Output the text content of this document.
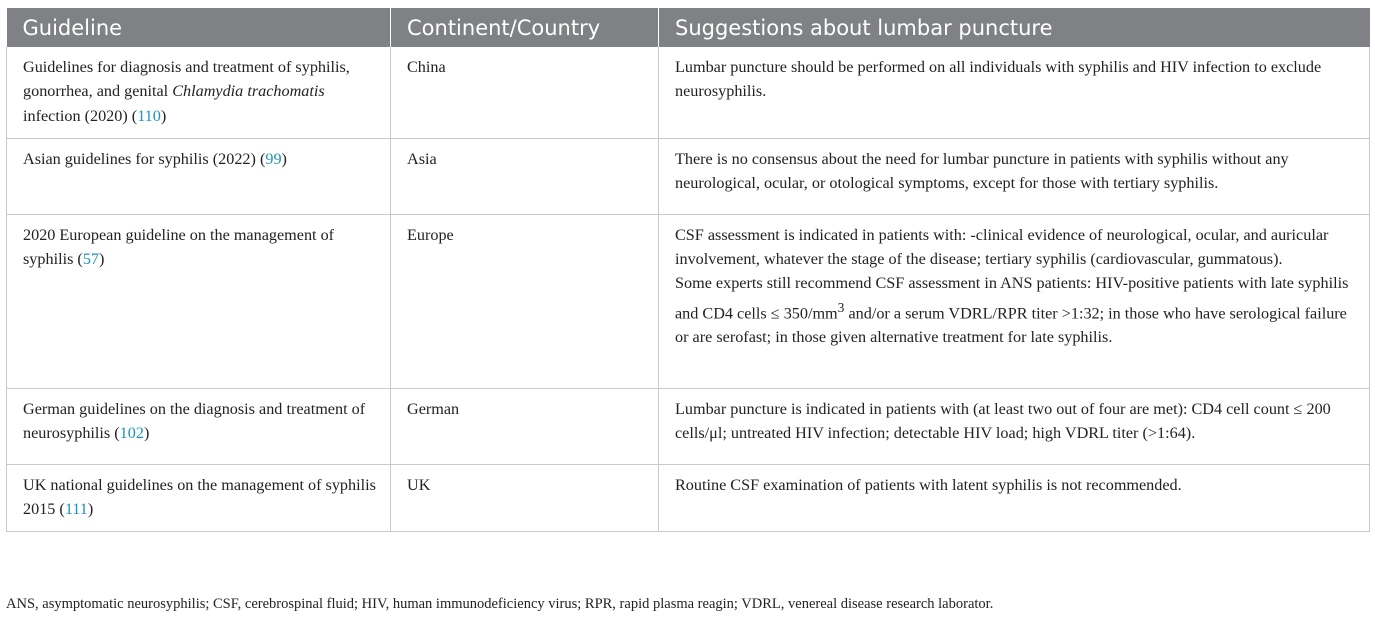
Guideline	Continent/Country	Suggestions about lumbar puncture
Guidelines for diagnosis and treatment of syphilis, gonorrhea, and genital Chlamydia trachomatis infection (2020) (110)	China	Lumbar puncture should be performed on all individuals with syphilis and HIV infection to exclude neurosyphilis.
Asian guidelines for syphilis (2022) (99)	Asia	There is no consensus about the need for lumbar puncture in patients with syphilis without any neurological, ocular, or otological symptoms, except for those with tertiary syphilis.
2020 European guideline on the management of syphilis (57)	Europe	CSF assessment is indicated in patients with: -clinical evidence of neurological, ocular, and auricular involvement, whatever the stage of the disease; tertiary syphilis (cardiovascular, gummatous).
Some experts still recommend CSF assessment in ANS patients: HIV-positive patients with late syphilis and CD4 cells ≤ $350/mm^3$ and/or a serum VDRL/RPR titer >1:32; in those who have serological failure or are serofast; in those given alternative treatment for late syphilis.

German guidelines on the diagnosis and treatment of neurosyphilis (102)	German	Lumbar puncture is indicated in patients with (at least two out of four are met): CD4 cell count ≤ 200 cells/μl; untreated HIV infection; detectable HIV load; high VDRL titer (>1:64).
UK national guidelines on the management of syphilis 2015 (111)	UK	Routine CSF examination of patients with latent syphilis is not recommended.
ANS, asymptomatic neurosyphilis; CSF, cerebrospinal fluid; HIV, human immunodeficiency virus; RPR, rapid plasma reagin; VDRL, venereal disease research laborator.
